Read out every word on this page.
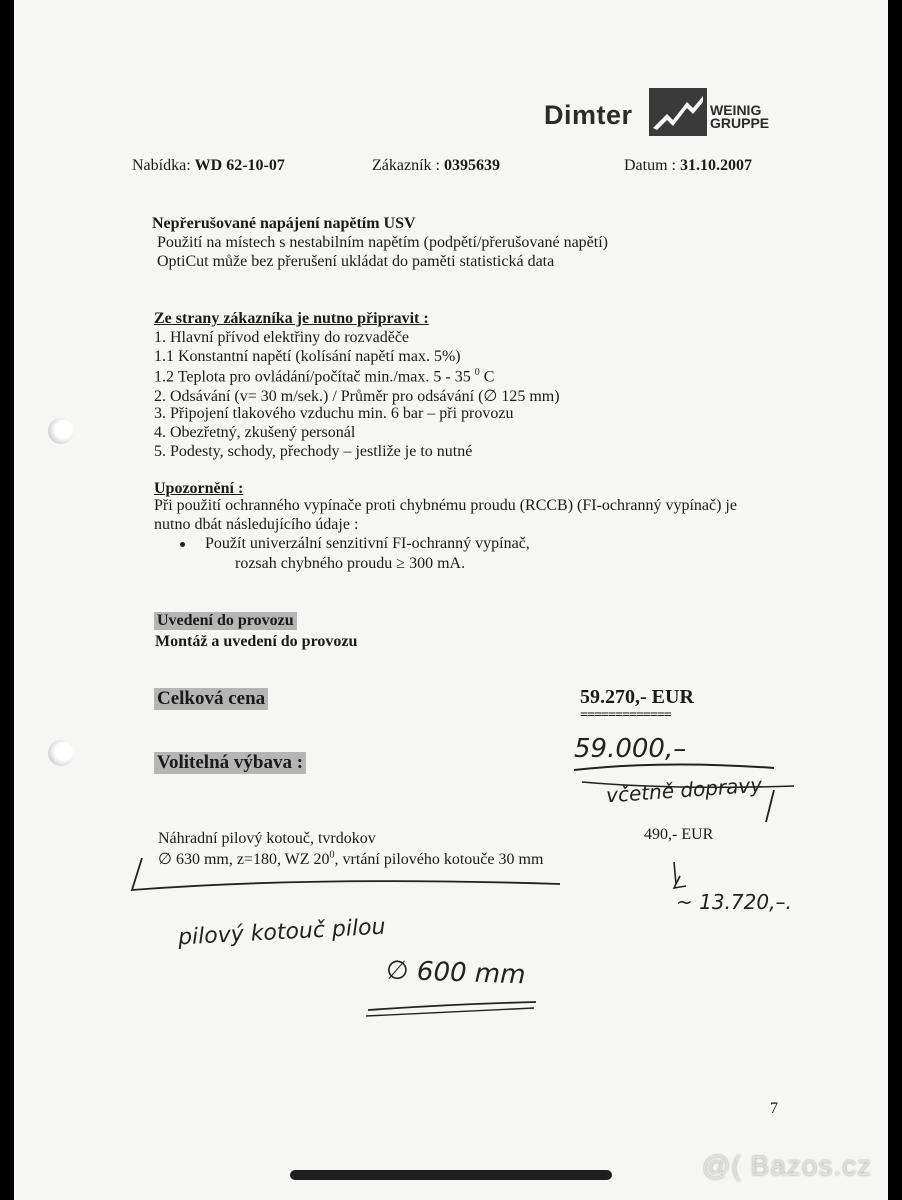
Dimter	WEINIG
GRUPPE
Nabídka: WD 62-10-07	Zákazník : 0395639	Datum : 31.10.2007
Nepřerušované napájení napětím USV
Použití na místech s nestabilním napětím (podpětí/přerušované napětí)
OptiCut může bez přerušení ukládat do paměti statistická data
Ze strany zákazníka je nutno připravit :
1. Hlavní přívod elektřiny do rozvaděče
1.1 Konstantní napětí (kolísání napětí max. 5%)
1.2 Teplota pro ovládání/počítač min./max. 5 - 35 $^0$ C
2. Odsávání (v= 30 m/sek.) / Průměr pro odsávání (∅ 125 mm)
3. Připojení tlakového vzduchu min. 6 bar – při provozu
4. Obezřetný, zkušený personál
5. Podesty, schody, přechody – jestliže je to nutné
Upozornění :
Při použití ochranného vypínače proti chybnému proudu (RCCB) (FI-ochranný vypínač) je
nutno dbát následujícího údaje :
Použít univerzální senzitivní FI-ochranný vypínač,
rozsah chybného proudu ≥ 300 mA.
Uvedení do provozu
Montáž a uvedení do provozu
Celková cena	59.270,- EUR
=============
59.000,–
včetně dopravy
Volitelná výbava :
Náhradní pilový kotouč, tvrdokov
∅ 630 mm, z=180, WZ $20^0$, vrtání pilového kotouče 30 mm
490,- EUR
~ 13.720,–.
pilový kotouč pilou
∅ 600 mm
7
@( Bazos.cz
